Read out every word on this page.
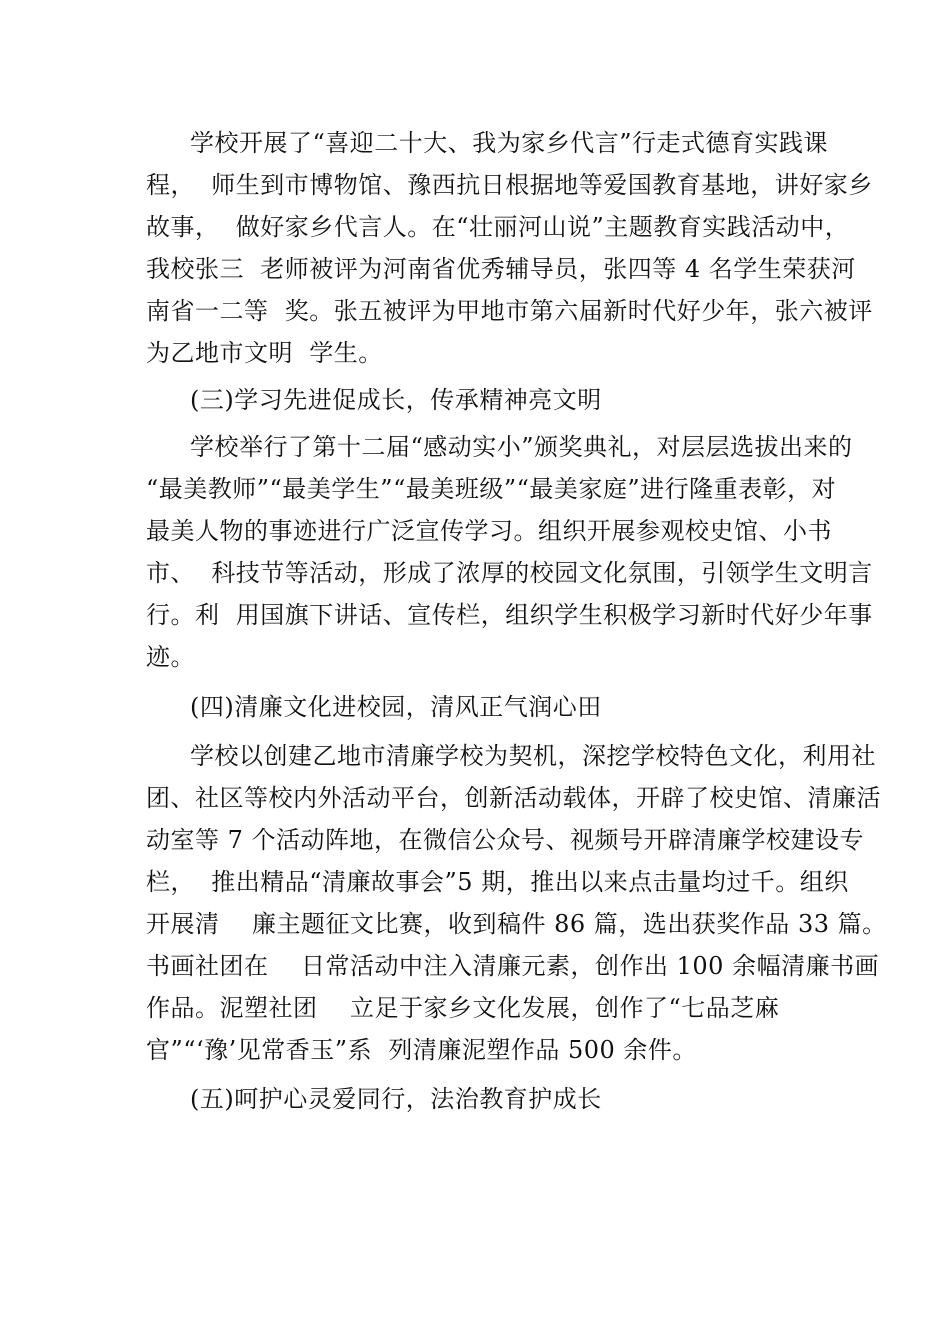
学校开展了“喜迎二十大、我为家乡代言”行走式德育实践课
程，  师生到市博物馆、豫西抗日根据地等爱国教育基地，讲好家乡
故事，  做好家乡代言人。在“壮丽河山说”主题教育实践活动中，
我校张三  老师被评为河南省优秀辅导员，张四等 4 名学生荣获河
南省一二等  奖。张五被评为甲地市第六届新时代好少年，张六被评
为乙地市文明  学生。
(三)学习先进促成长，传承精神亮文明
学校举行了第十二届“感动实小”颁奖典礼，对层层选拔出来的
“最美教师”“最美学生”“最美班级”“最美家庭”进行隆重表彰，对
最美人物的事迹进行广泛宣传学习。组织开展参观校史馆、小书
市、  科技节等活动，形成了浓厚的校园文化氛围，引领学生文明言
行。利  用国旗下讲话、宣传栏，组织学生积极学习新时代好少年事
迹。
(四)清廉文化进校园，清风正气润心田
学校以创建乙地市清廉学校为契机，深挖学校特色文化，利用社
团、社区等校内外活动平台，创新活动载体，开辟了校史馆、清廉活
动室等 7 个活动阵地，在微信公众号、视频号开辟清廉学校建设专
栏，  推出精品“清廉故事会”5 期，推出以来点击量均过千。组织
开展清    廉主题征文比赛，收到稿件 86 篇，选出获奖作品 33 篇。
书画社团在    日常活动中注入清廉元素，创作出 100 余幅清廉书画
作品。泥塑社团    立足于家乡文化发展，创作了“七品芝麻
官”“‘豫’见常香玉”系  列清廉泥塑作品 500 余件。
(五)呵护心灵爱同行，法治教育护成长
